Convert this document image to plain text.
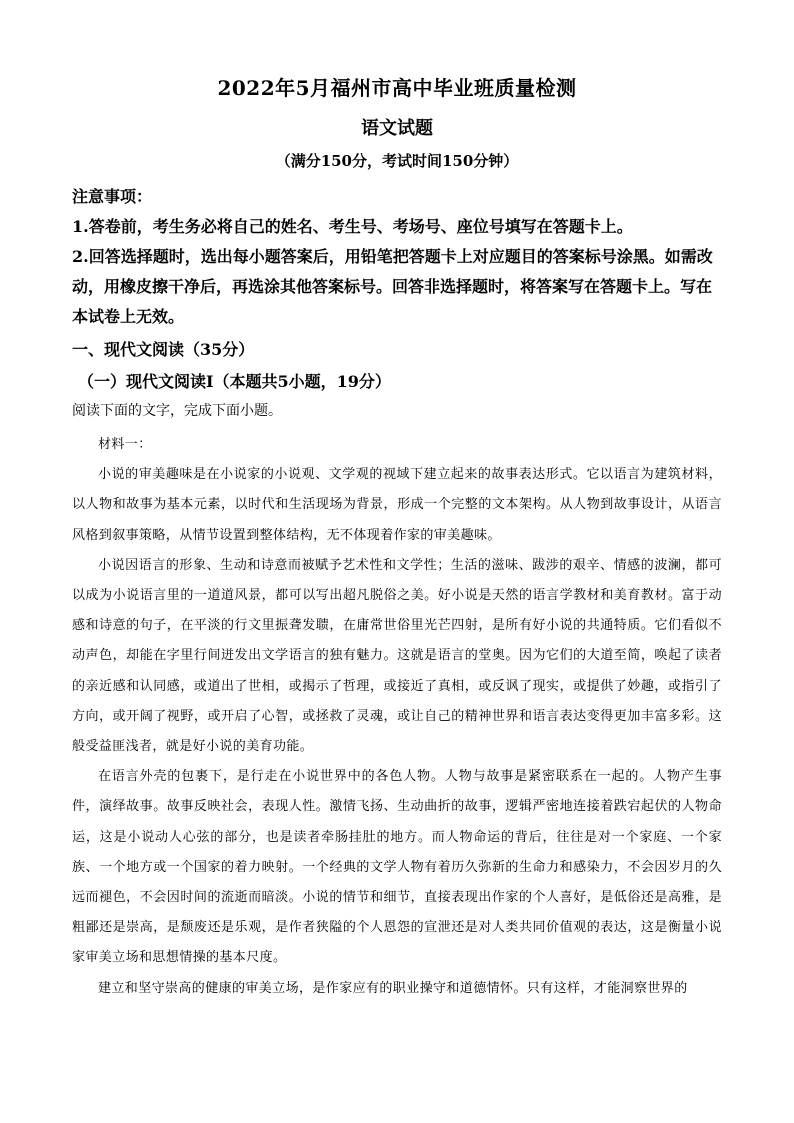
2022年5月福州市高中毕业班质量检测
语文试题
（满分150分，考试时间150分钟）

注意事项：

1.答卷前，考生务必将自己的姓名、考生号、考场号、座位号填写在答题卡上。

2.回答选择题时，选出每小题答案后，用铅笔把答题卡上对应题目的答案标号涂黑。如需改动，用橡皮擦干净后，再选涂其他答案标号。回答非选择题时，将答案写在答题卡上。写在本试卷上无效。

一、现代文阅读（35分）
（一）现代文阅读Ⅰ（本题共5小题，19分）
阅读下面的文字，完成下面小题。

材料一：

小说的审美趣味是在小说家的小说观、文学观的视域下建立起来的故事表达形式。它以语言为建筑材料，以人物和故事为基本元素，以时代和生活现场为背景，形成一个完整的文本架构。从人物到故事设计，从语言风格到叙事策略，从情节设置到整体结构，无不体现着作家的审美趣味。

小说因语言的形象、生动和诗意而被赋予艺术性和文学性；生活的滋味、跋涉的艰辛、情感的波澜，都可以成为小说语言里的一道道风景，都可以写出超凡脱俗之美。好小说是天然的语言学教材和美育教材。富于动感和诗意的句子，在平淡的行文里振聋发聩，在庸常世俗里光芒四射，是所有好小说的共通特质。它们看似不动声色，却能在字里行间迸发出文学语言的独有魅力。这就是语言的堂奥。因为它们的大道至简，唤起了读者的亲近感和认同感，或道出了世相，或揭示了哲理，或接近了真相，或反讽了现实，或提供了妙趣，或指引了方向，或开阔了视野，或开启了心智，或拯救了灵魂，或让自己的精神世界和语言表达变得更加丰富多彩。这般受益匪浅者，就是好小说的美育功能。

在语言外壳的包裹下，是行走在小说世界中的各色人物。人物与故事是紧密联系在一起的。人物产生事件，演绎故事。故事反映社会，表现人性。激情飞扬、生动曲折的故事，逻辑严密地连接着跌宕起伏的人物命运，这是小说动人心弦的部分，也是读者牵肠挂肚的地方。而人物命运的背后，往往是对一个家庭、一个家族、一个地方或一个国家的着力映射。一个经典的文学人物有着历久弥新的生命力和感染力，不会因岁月的久远而褪色，不会因时间的流逝而暗淡。小说的情节和细节，直接表现出作家的个人喜好，是低俗还是高雅，是粗鄙还是崇高，是颓废还是乐观，是作者狭隘的个人恩怨的宣泄还是对人类共同价值观的表达，这是衡量小说家审美立场和思想情操的基本尺度。

建立和坚守崇高的健康的审美立场，是作家应有的职业操守和道德情怀。只有这样，才能洞察世界的
